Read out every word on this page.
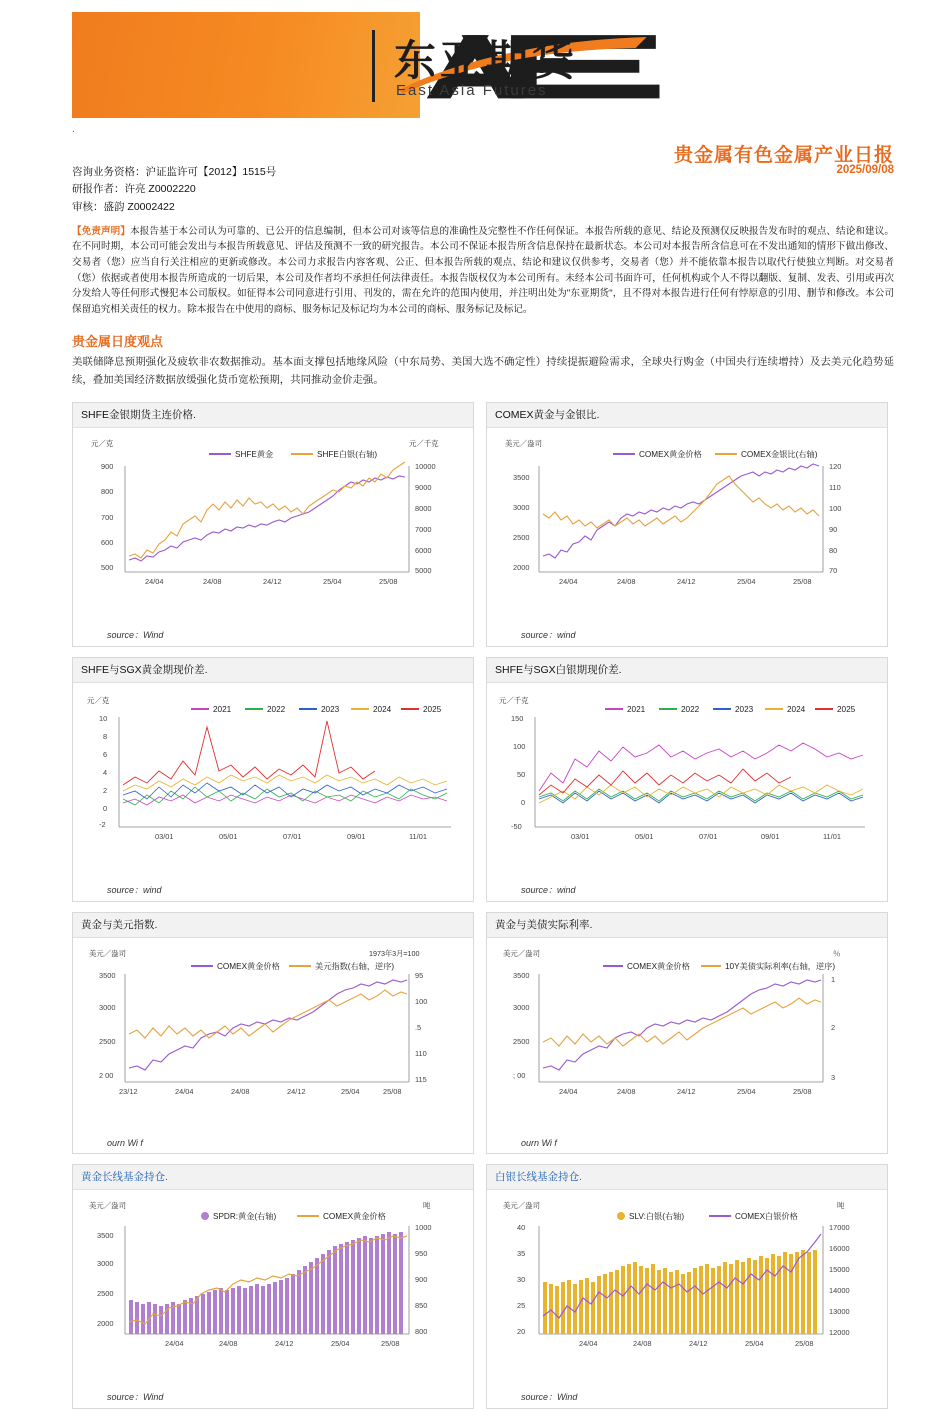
东亚期货
East Asia Futures
.
贵金属有色金属产业日报
2025/09/08
咨询业务资格：沪证监许可【2012】1515号
研报作者：许亮 Z0002220
审核：盛韵 Z0002422
【免责声明】本报告基于本公司认为可靠的、已公开的信息编制，但本公司对该等信息的准确性及完整性不作任何保证。本报告所载的意见、结论及预测仅反映报告发布时的观点、结论和建议。在不同时期，本公司可能会发出与本报告所载意见、评估及预测不一致的研究报告。本公司不保证本报告所含信息保持在最新状态。本公司对本报告所含信息可在不发出通知的情形下做出修改、交易者（您）应当自行关注相应的更新或修改。本公司力求报告内容客观、公正、但本报告所载的观点、结论和建议仅供参考，交易者（您）并不能依靠本报告以取代行使独立判断。对交易者（您）依据或者使用本报告所造成的一切后果，本公司及作者均不承担任何法律责任。本报告版权仅为本公司所有。未经本公司书面许可，任何机构或个人不得以翻版、复制、发表、引用或再次分发给人等任何形式慢犯本公司版权。如征得本公司同意进行引用、刊发的，需在允许的范围内使用，并注明出处为"东亚期货"，且不得对本报告进行任何有悖原意的引用、删节和修改。本公司保留追究相关责任的权力。除本报告在中使用的商标、服务标记及标记均为本公司的商标、服务标记及标记。
贵金属日度观点
美联储降息预期强化及疲软非农数据推动。基本面支撑包括地缘风险（中东局势、美国大选不确定性）持续提振避险需求，全球央行购金（中国央行连续增持）及去美元化趋势延续，叠加美国经济数据放缓强化货币宽松预期，共同推动金价走强。
SHFE金银期货主连价格.
元／克	元／千克
SHFE黄金	SHFE白银(右轴)
900
800
700
600
500
10000
9000
8000
7000
6000
5000
24/04	24/08	24/12	25/04	25/08
source：Wind
COMEX黄金与金银比.
美元／盎司
COMEX黄金价格	COMEX金银比(右轴)
3500
3000
2500
2000
120
110
100
90
80
70
24/04	24/08	24/12	25/04	25/08
source：wind
SHFE与SGX黄金期现价差.
元／克
2021	2022	2023	2024	2025
10
8
6
4
2
0
-2
03/01	05/01	07/01	09/01	11/01
source：wind
SHFE与SGX白银期现价差.
元／千克
2021	2022	2023	2024	2025
150
100
50
0
-50
03/01	05/01	07/01	09/01	11/01
source：wind
黄金与美元指数.
美元／盎司	1973年3月=100
COMEX黄金价格	美元指数(右轴，逆序)
3500
3000
2500
2 00
95
100
.5
110
115
23/12	24/04	24/08	24/12	25/04	25/08
ourn Wi f
黄金与美债实际利率.
美元／盎司	％
COMEX黄金价格	10Y美债实际利率(右轴，逆序)
3500
3000
2500
; 00
1
2
3
24/04	24/08	24/12	25/04	25/08
ourn Wi f
黄金长线基金持仓.
美元／盎司	吨
SPDR:黄金(右轴)	COMEX黄金价格
3500
3000
2500
2000
1000
950
900
850
800
24/04	24/08	24/12	25/04	25/08
source：Wind
白银长线基金持仓.
美元／盎司	吨
SLV:白银(右轴)	COMEX白银价格
40
35
30
25
20
17000
16000
15000
14000
13000
12000
24/04	24/08	24/12	25/04	25/08
source：Wind
